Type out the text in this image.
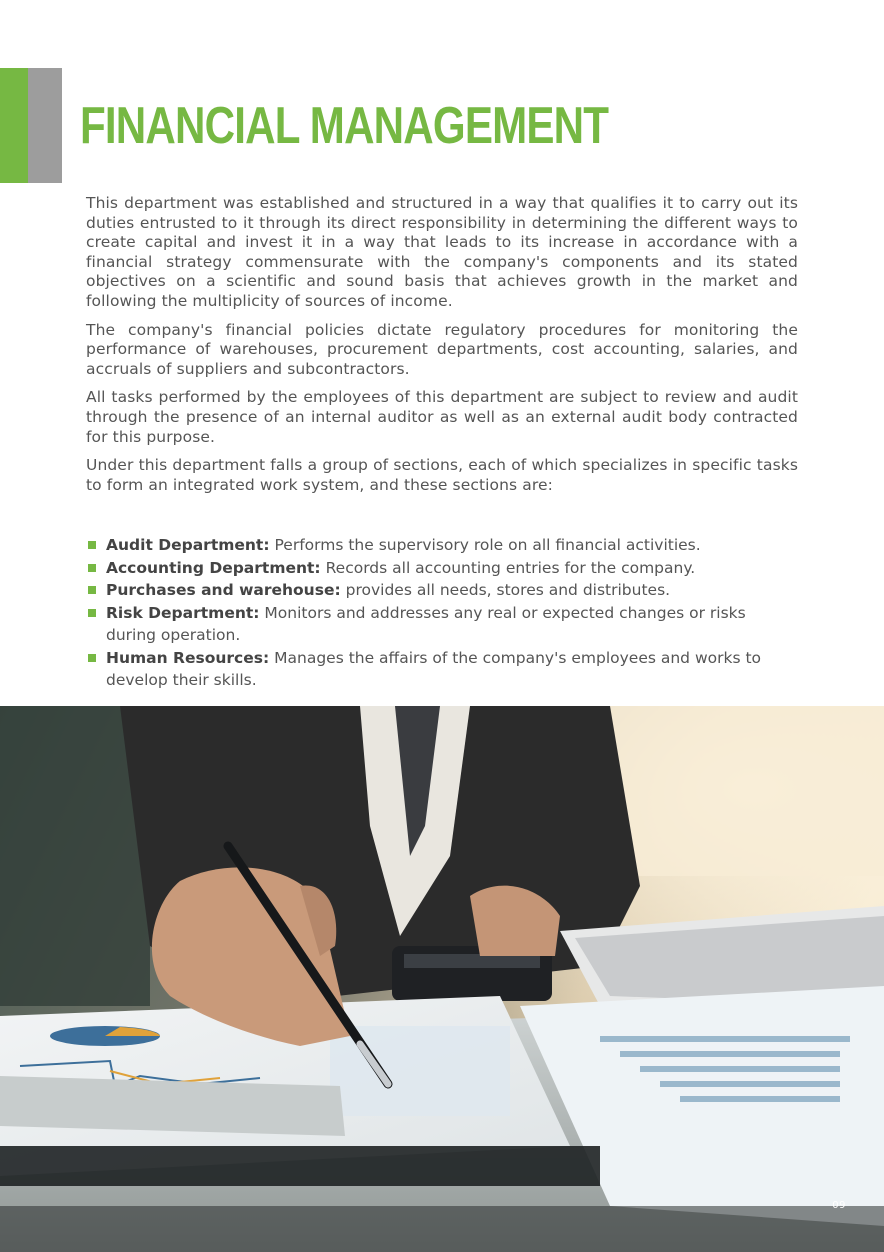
FINANCIAL MANAGEMENT

This department was established and structured in a way that qualifies it to carry out its duties entrusted to it through its direct responsibility in determining the different ways to create capital and invest it in a way that leads to its increase in accordance with a financial strategy commensurate with the company's components and its stated objectives on a scientific and sound basis that achieves growth in the market and following the multiplicity of sources of income.

The company's financial policies dictate regulatory procedures for monitoring the performance of warehouses, procurement departments, cost accounting, salaries, and accruals of suppliers and subcontractors.

All tasks performed by the employees of this department are subject to review and audit through the presence of an internal auditor as well as an external audit body contracted for this purpose.

Under this department falls a group of sections, each of which specializes in specific tasks to form an integrated work system, and these sections are:

Audit Department: Performs the supervisory role on all financial activities.
Accounting Department: Records all accounting entries for the company.
Purchases and warehouse: provides all needs, stores and distributes.
Risk Department: Monitors and addresses any real or expected changes or risks during operation.
Human Resources: Manages the affairs of the company's employees and works to develop their skills.
09
